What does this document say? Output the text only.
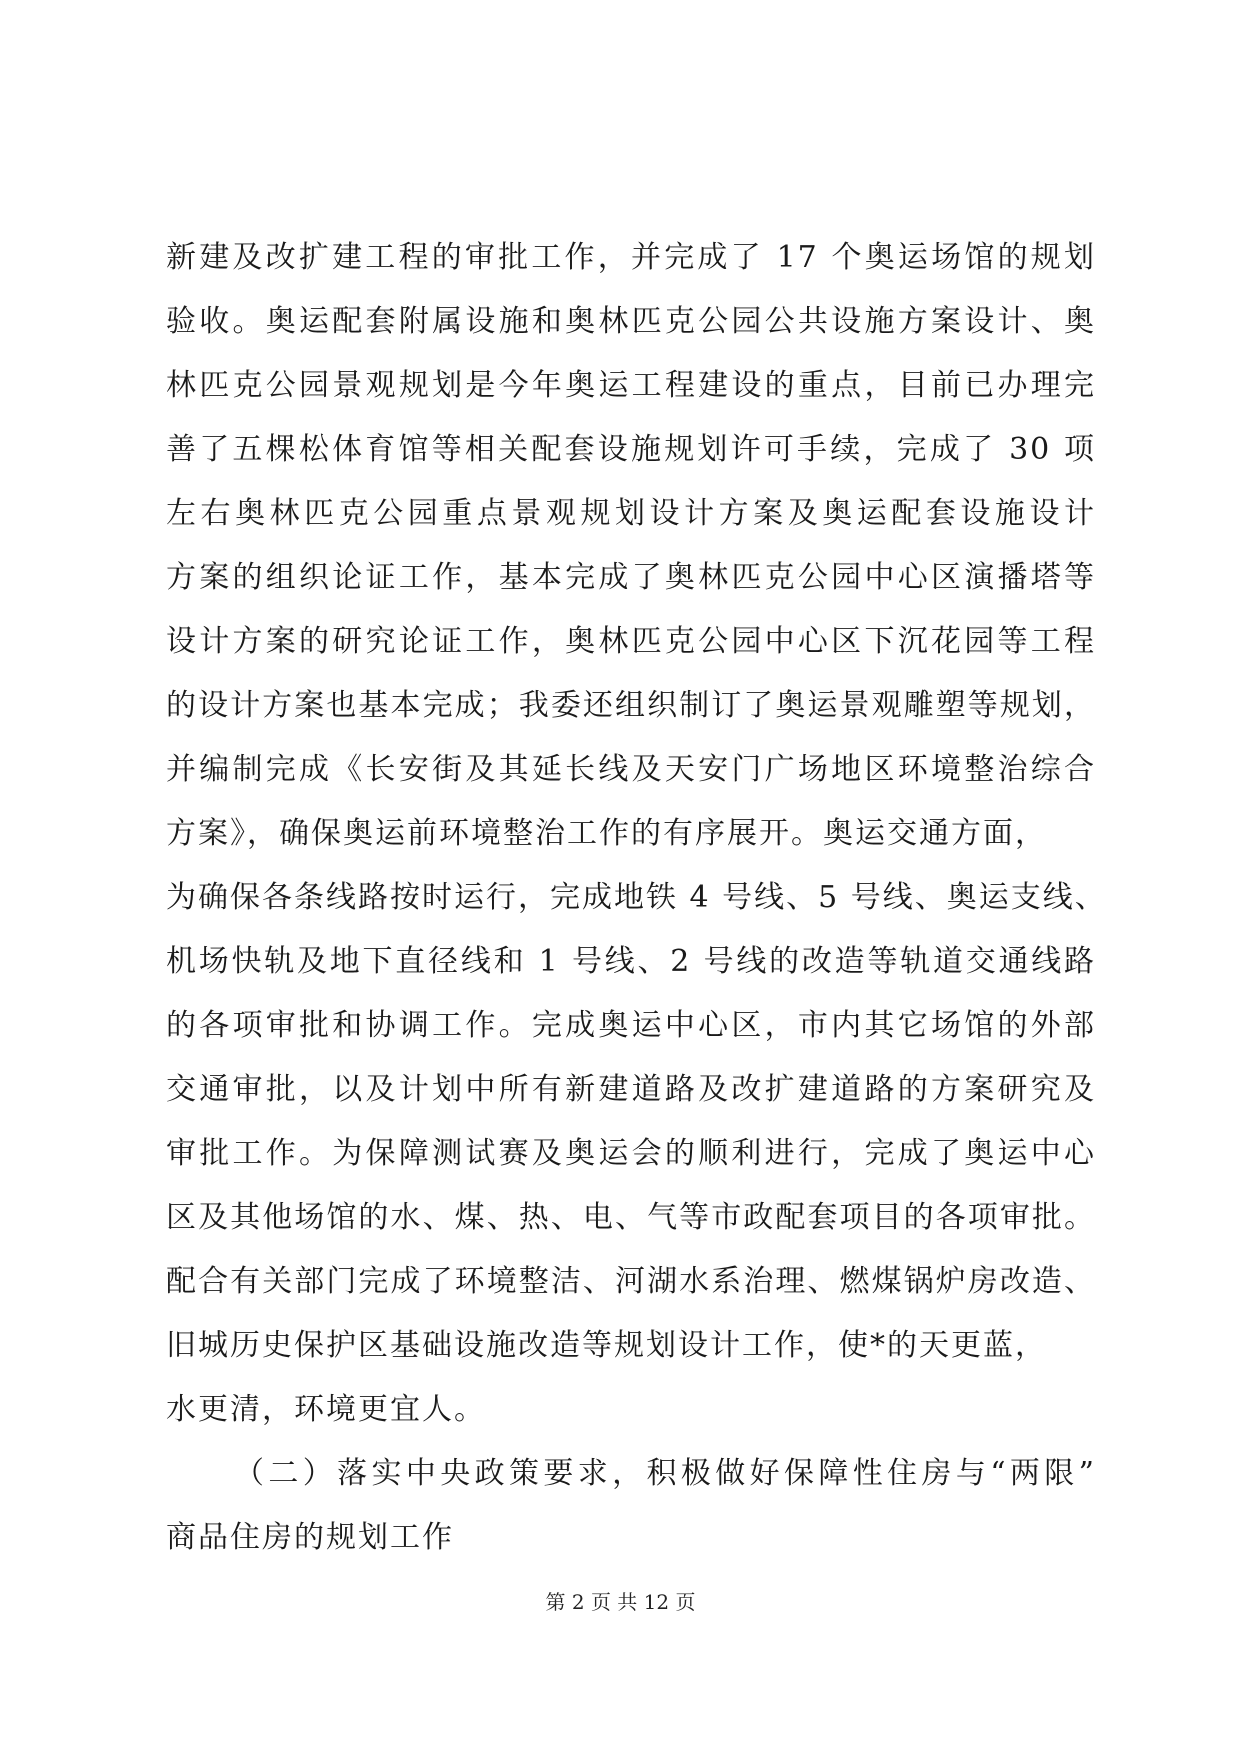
新建及改扩建工程的审批工作，并完成了 17 个奥运场馆的规划
验收。奥运配套附属设施和奥林匹克公园公共设施方案设计、奥
林匹克公园景观规划是今年奥运工程建设的重点，目前已办理完
善了五棵松体育馆等相关配套设施规划许可手续，完成了 30 项
左右奥林匹克公园重点景观规划设计方案及奥运配套设施设计
方案的组织论证工作，基本完成了奥林匹克公园中心区演播塔等
设计方案的研究论证工作，奥林匹克公园中心区下沉花园等工程
的设计方案也基本完成；我委还组织制订了奥运景观雕塑等规划，
并编制完成《长安街及其延长线及天安门广场地区环境整治综合
方案》，确保奥运前环境整治工作的有序展开。奥运交通方面，
为确保各条线路按时运行，完成地铁 4 号线、5 号线、奥运支线、
机场快轨及地下直径线和 1 号线、2 号线的改造等轨道交通线路
的各项审批和协调工作。完成奥运中心区，市内其它场馆的外部
交通审批，以及计划中所有新建道路及改扩建道路的方案研究及
审批工作。为保障测试赛及奥运会的顺利进行，完成了奥运中心
区及其他场馆的水、煤、热、电、气等市政配套项目的各项审批。
配合有关部门完成了环境整洁、河湖水系治理、燃煤锅炉房改造、
旧城历史保护区基础设施改造等规划设计工作，使*的天更蓝，
水更清，环境更宜人。
（二）落实中央政策要求，积极做好保障性住房与“两限”
商品住房的规划工作
第 2 页 共 12 页
